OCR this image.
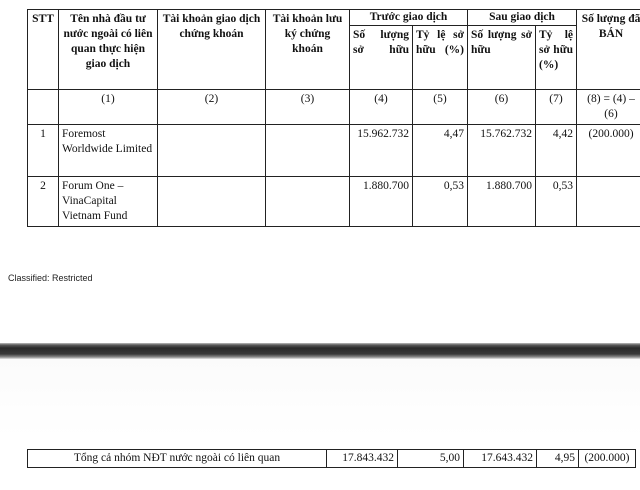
STT	Tên nhà đầu tư nước ngoài có liên quan thực hiện giao dịch	Tài khoản giao dịch chứng khoán	Tài khoản lưu ký chứng khoán	Trước giao dịch		Sau giao dịch		Số lượng đã BÁN
				Số lượng sở hữu	Tỷ lệ sở hữu (%)	Số lượng sở hữu	Tỷ lệ sở hữu (%)	
	(1)	(2)	(3)	(4)	(5)	(6)	(7)	(8) = (4) – (6)
1	Foremost Worldwide Limited			15.962.732	4,47	15.762.732	4,42	(200.000)
2	Forum One – VinaCapital Vietnam Fund			1.880.700	0,53	1.880.700	0,53	
Classified: Restricted
Tổng cả nhóm NĐT nước ngoài có liên quan	17.843.432	5,00	17.643.432	4,95	(200.000)
